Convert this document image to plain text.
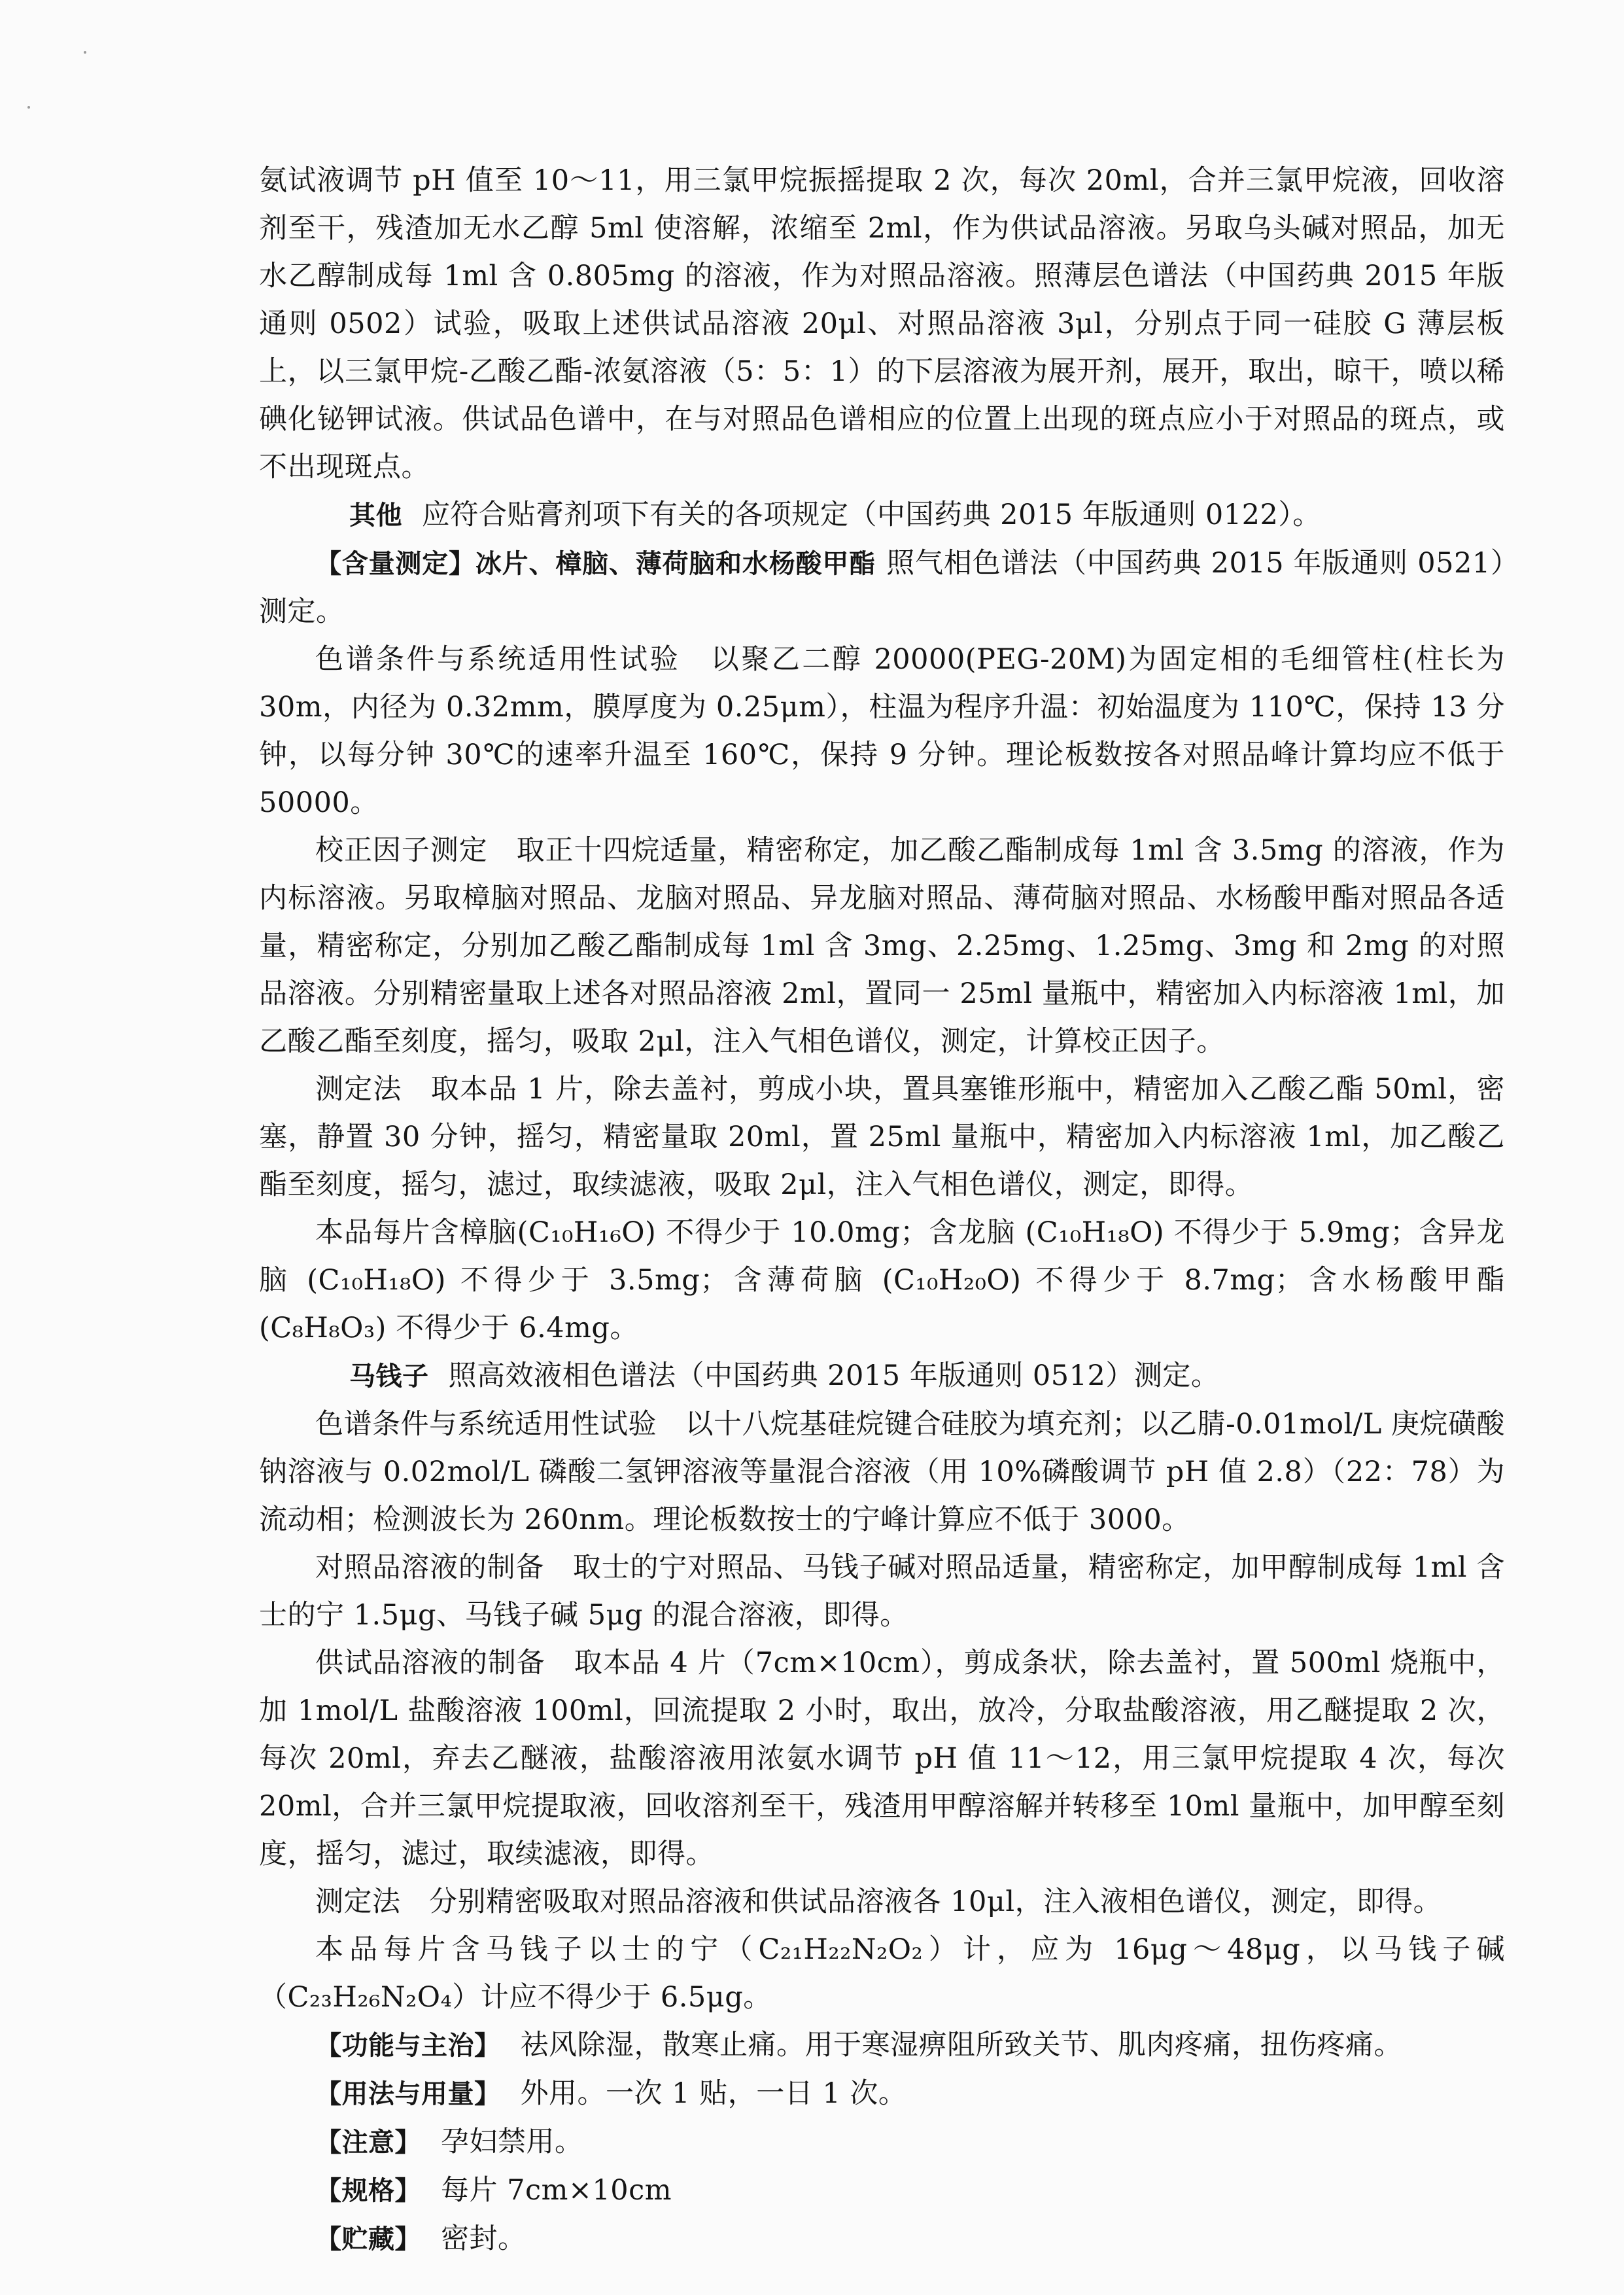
氨试液调节 pH 值至 10～11，用三氯甲烷振摇提取 2 次，每次 20ml，合并三氯甲烷液，回收溶剂至干，残渣加无水乙醇 5ml 使溶解，浓缩至 2ml，作为供试品溶液。另取乌头碱对照品，加无水乙醇制成每 1ml 含 0.805mg 的溶液，作为对照品溶液。照薄层色谱法（中国药典 2015 年版通则 0502）试验，吸取上述供试品溶液 20μl、对照品溶液 3μl，分别点于同一硅胶 G 薄层板上，以三氯甲烷-乙酸乙酯-浓氨溶液（5：5：1）的下层溶液为展开剂，展开，取出，晾干，喷以稀碘化铋钾试液。供试品色谱中，在与对照品色谱相应的位置上出现的斑点应小于对照品的斑点，或不出现斑点。

其他 应符合贴膏剂项下有关的各项规定（中国药典 2015 年版通则 0122）。

【含量测定】冰片、樟脑、薄荷脑和水杨酸甲酯 照气相色谱法（中国药典 2015 年版通则 0521）测定。

色谱条件与系统适用性试验　以聚乙二醇 20000(PEG-20M)为固定相的毛细管柱(柱长为 30m，内径为 0.32mm，膜厚度为 0.25μm），柱温为程序升温：初始温度为 110℃，保持 13 分钟，以每分钟 30℃的速率升温至 160℃，保持 9 分钟。理论板数按各对照品峰计算均应不低于 50000。

校正因子测定　取正十四烷适量，精密称定，加乙酸乙酯制成每 1ml 含 3.5mg 的溶液，作为内标溶液。另取樟脑对照品、龙脑对照品、异龙脑对照品、薄荷脑对照品、水杨酸甲酯对照品各适量，精密称定，分别加乙酸乙酯制成每 1ml 含 3mg、2.25mg、1.25mg、3mg 和 2mg 的对照品溶液。分别精密量取上述各对照品溶液 2ml，置同一 25ml 量瓶中，精密加入内标溶液 1ml，加乙酸乙酯至刻度，摇匀，吸取 2μl，注入气相色谱仪，测定，计算校正因子。

测定法　取本品 1 片，除去盖衬，剪成小块，置具塞锥形瓶中，精密加入乙酸乙酯 50ml，密塞，静置 30 分钟，摇匀，精密量取 20ml，置 25ml 量瓶中，精密加入内标溶液 1ml，加乙酸乙酯至刻度，摇匀，滤过，取续滤液，吸取 2μl，注入气相色谱仪，测定，即得。

本品每片含樟脑(C₁₀H₁₆O) 不得少于 10.0mg；含龙脑 (C₁₀H₁₈O) 不得少于 5.9mg；含异龙脑 (C₁₀H₁₈O) 不得少于 3.5mg；含薄荷脑 (C₁₀H₂₀O) 不得少于 8.7mg；含水杨酸甲酯　(C₈H₈O₃) 不得少于 6.4mg。

马钱子 照高效液相色谱法（中国药典 2015 年版通则 0512）测定。

色谱条件与系统适用性试验　以十八烷基硅烷键合硅胶为填充剂；以乙腈-0.01mol/L 庚烷磺酸钠溶液与 0.02mol/L 磷酸二氢钾溶液等量混合溶液（用 10%磷酸调节 pH 值 2.8）（22：78）为流动相；检测波长为 260nm。理论板数按士的宁峰计算应不低于 3000。

对照品溶液的制备　取士的宁对照品、马钱子碱对照品适量，精密称定，加甲醇制成每 1ml 含士的宁 1.5μg、马钱子碱 5μg 的混合溶液，即得。

供试品溶液的制备　取本品 4 片（7cm×10cm），剪成条状，除去盖衬，置 500ml 烧瓶中，加 1mol/L 盐酸溶液 100ml，回流提取 2 小时，取出，放冷，分取盐酸溶液，用乙醚提取 2 次，每次 20ml，弃去乙醚液，盐酸溶液用浓氨水调节 pH 值 11～12，用三氯甲烷提取 4 次，每次 20ml，合并三氯甲烷提取液，回收溶剂至干，残渣用甲醇溶解并转移至 10ml 量瓶中，加甲醇至刻度，摇匀，滤过，取续滤液，即得。

测定法　分别精密吸取对照品溶液和供试品溶液各 10μl，注入液相色谱仪，测定，即得。

本品每片含马钱子以士的宁（C₂₁H₂₂N₂O₂）计，应为 16μg～48μg，以马钱子碱（C₂₃H₂₆N₂O₄）计应不得少于 6.5μg。

【功能与主治】 祛风除湿，散寒止痛。用于寒湿痹阻所致关节、肌肉疼痛，扭伤疼痛。

【用法与用量】 外用。一次 1 贴，一日 1 次。

【注意】 孕妇禁用。

【规格】 每片 7cm×10cm

【贮藏】 密封。
